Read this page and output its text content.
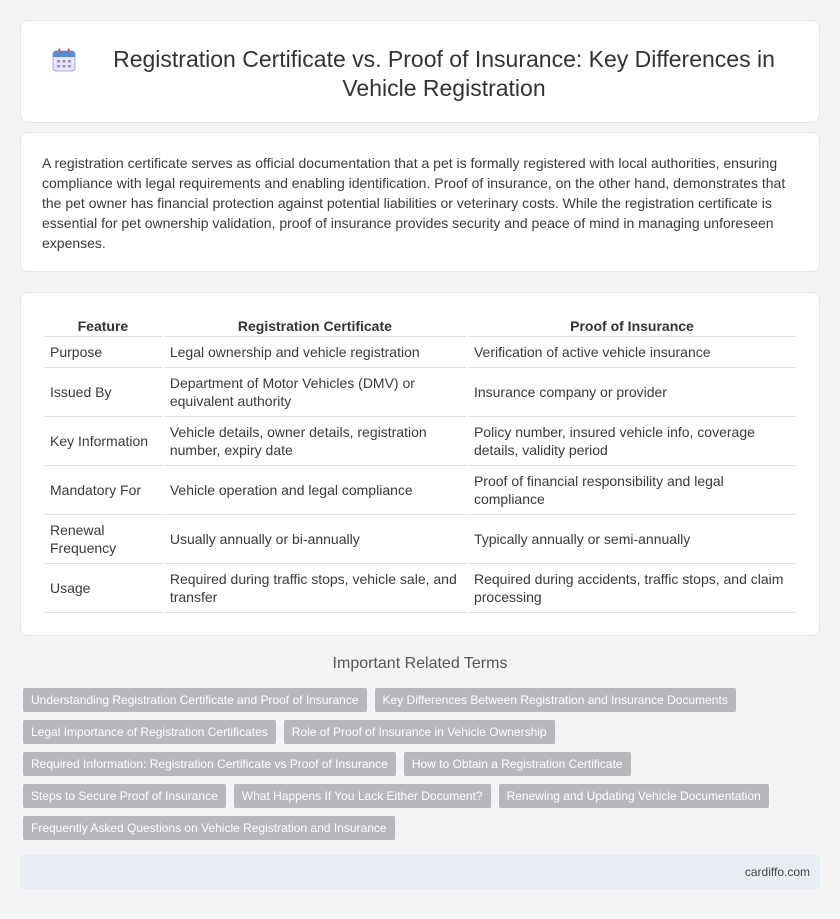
Registration Certificate vs. Proof of Insurance: Key Differences in Vehicle Registration

A registration certificate serves as official documentation that a pet is formally registered with local authorities, ensuring compliance with legal requirements and enabling identification. Proof of insurance, on the other hand, demonstrates that the pet owner has financial protection against potential liabilities or veterinary costs. While the registration certificate is essential for pet ownership validation, proof of insurance provides security and peace of mind in managing unforeseen expenses.

Feature	Registration Certificate	Proof of Insurance
Purpose	Legal ownership and vehicle registration	Verification of active vehicle insurance
Issued By	Department of Motor Vehicles (DMV) or equivalent authority	Insurance company or provider
Key Information	Vehicle details, owner details, registration number, expiry date	Policy number, insured vehicle info, coverage details, validity period
Mandatory For	Vehicle operation and legal compliance	Proof of financial responsibility and legal compliance
Renewal Frequency	Usually annually or bi-annually	Typically annually or semi-annually
Usage	Required during traffic stops, vehicle sale, and transfer	Required during accidents, traffic stops, and claim processing
Important Related Terms
Understanding Registration Certificate and Proof of Insurance	Key Differences Between Registration and Insurance Documents
Legal Importance of Registration Certificates	Role of Proof of Insurance in Vehicle Ownership
Required Information: Registration Certificate vs Proof of Insurance	How to Obtain a Registration Certificate
Steps to Secure Proof of Insurance	What Happens If You Lack Either Document?	Renewing and Updating Vehicle Documentation
Frequently Asked Questions on Vehicle Registration and Insurance
cardiffo.com
